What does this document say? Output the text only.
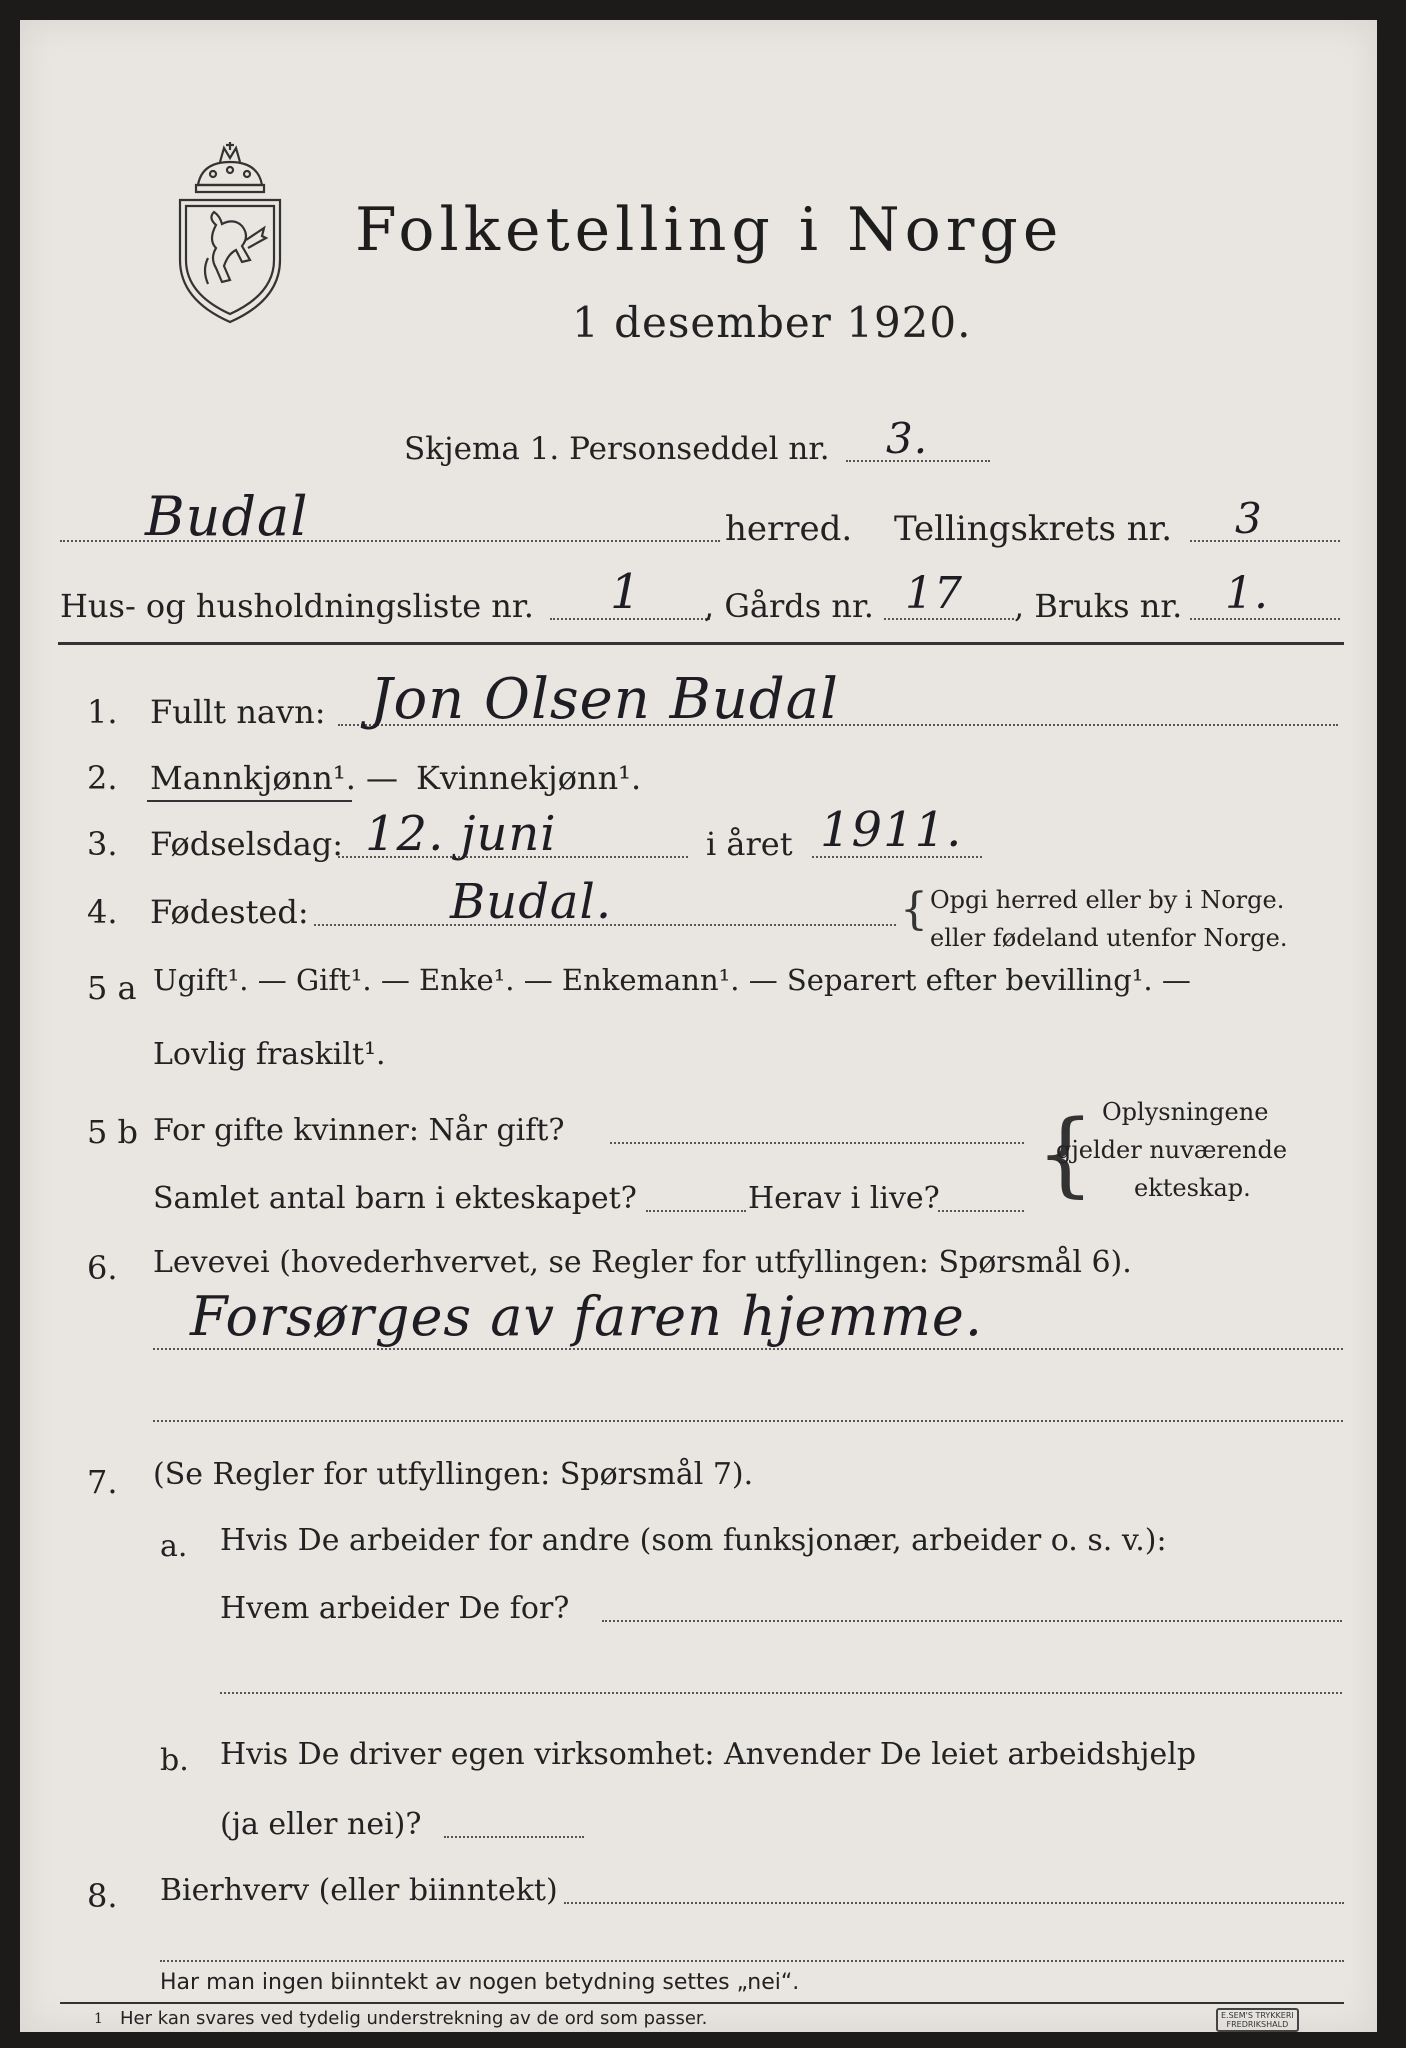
Folketelling i Norge
1 desember 1920.
Skjema 1. Personseddel nr. 3.
Budal	herred. Tellingskrets nr. 3
Hus- og husholdningsliste nr. 1 , Gårds nr. 17 , Bruks nr. 1.
1. Fullt navn: Jon Olsen Budal
2. Mannkjønn¹. — Kvinnekjønn¹.
3. Fødselsdag: 12. juni	i året 1911.
4. Fødested:	Budal.	{ Opgi herred eller by i Norge.
eller fødeland utenfor Norge.
5 a Ugift¹. — Gift¹. — Enke¹. — Enkemann¹. — Separert efter bevilling¹. —
Lovlig fraskilt¹.
5 b For gifte kvinner: Når gift?
Samlet antal barn i ekteskapet?	Herav i live? { Oplysningene
gjelder nuværende
ekteskap.
6. Levevei (hovederhvervet, se Regler for utfyllingen: Spørsmål 6).
Forsørges av faren hjemme.
7. (Se Regler for utfyllingen: Spørsmål 7).
a. Hvis De arbeider for andre (som funksjonær, arbeider o. s. v.):
Hvem arbeider De for?
b. Hvis De driver egen virksomhet: Anvender De leiet arbeidshjelp
(ja eller nei)?
8. Bierhverv (eller biinntekt)
Har man ingen biinntekt av nogen betydning settes „nei“.
1 Her kan svares ved tydelig understrekning av de ord som passer.	E.SEM'S TRYKKERI
FREDRIKSHALD
